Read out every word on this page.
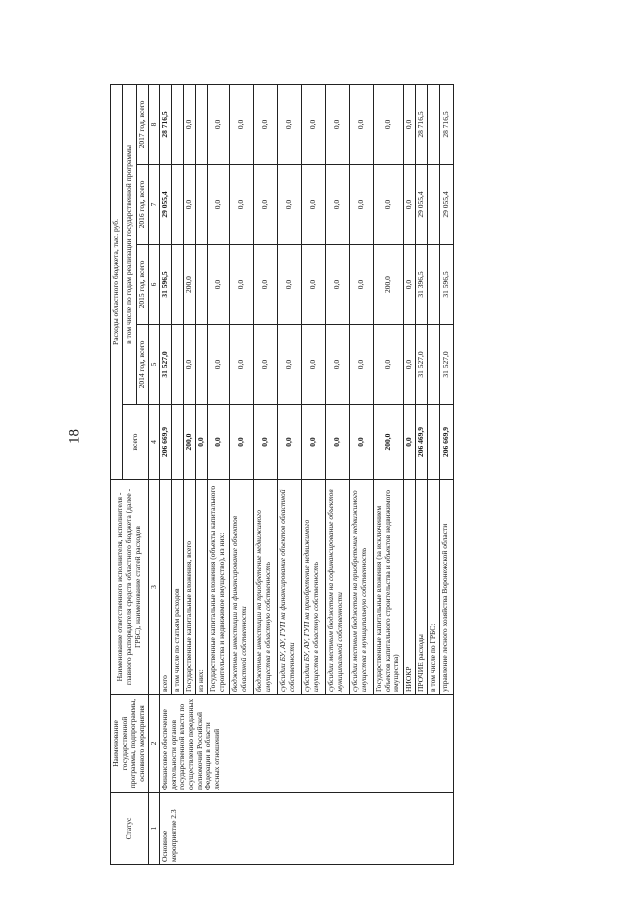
18
Статус	Наименование государственной программы, подпрограммы, основного мероприятия	Наименование ответственного исполнителя, исполнителя - главного распорядителя средств областного бюджета (далее - ГРБС), наименование статей расходов	Расходы областного бюджета, тыс. руб.				
			всего	в том числе по годам реализации государственной программы			
				2014 год, всего	2015 год, всего	2016 год, всего	2017 год, всего
1	2	3	4	5	6	7	8
Основное мероприятие 2.3	Финансовое обеспечение деятельности органов государственной власти по осуществлению переданных полномочий Российской Федерации в области лесных отношений	всего	206 669,9	31 527,0	31 596,5	29 055,4	28 716,5
		в том числе по статьям расходов					
		Государственные капитальные вложения, всего	200,0	0,0	200,0	0,0	0,0
		из них:	0,0				
		Государственные капитальные вложения (объекты капитального строительства и недвижимое имущество), из них:	0,0	0,0	0,0	0,0	0,0
		бюджетные инвестиции на финансирование объектов областной собственности	0,0	0,0	0,0	0,0	0,0
		бюджетные инвестиции на приобретение недвижимого имущества в областную собственность	0,0	0,0	0,0	0,0	0,0
		субсидии БУ, АУ, ГУП на финансирование объектов областной собственности	0,0	0,0	0,0	0,0	0,0
		субсидии БУ, АУ, ГУП на приобретение недвижимого имущества в областную собственность	0,0	0,0	0,0	0,0	0,0
		субсидии местным бюджетам на софинансирование объектов муниципальной собственности	0,0	0,0	0,0	0,0	0,0
		субсидии местным бюджетам на приобретение недвижимого имущества в муниципальную собственность	0,0	0,0	0,0	0,0	0,0
		Государственные капитальные вложения (за исключением объектов капитального строительства и объектов недвижимого имущества)	200,0	0,0	200,0	0,0	0,0
		НИОКР	0,0	0,0	0,0	0,0	0,0
		ПРОЧИЕ расходы	206 469,9	31 527,0	31 396,5	29 055,4	28 716,5
		в том числе по ГРБС:					
		управление лесного хозяйства Воронежской области	206 669,9	31 527,0	31 596,5	29 055,4	28 716,5
